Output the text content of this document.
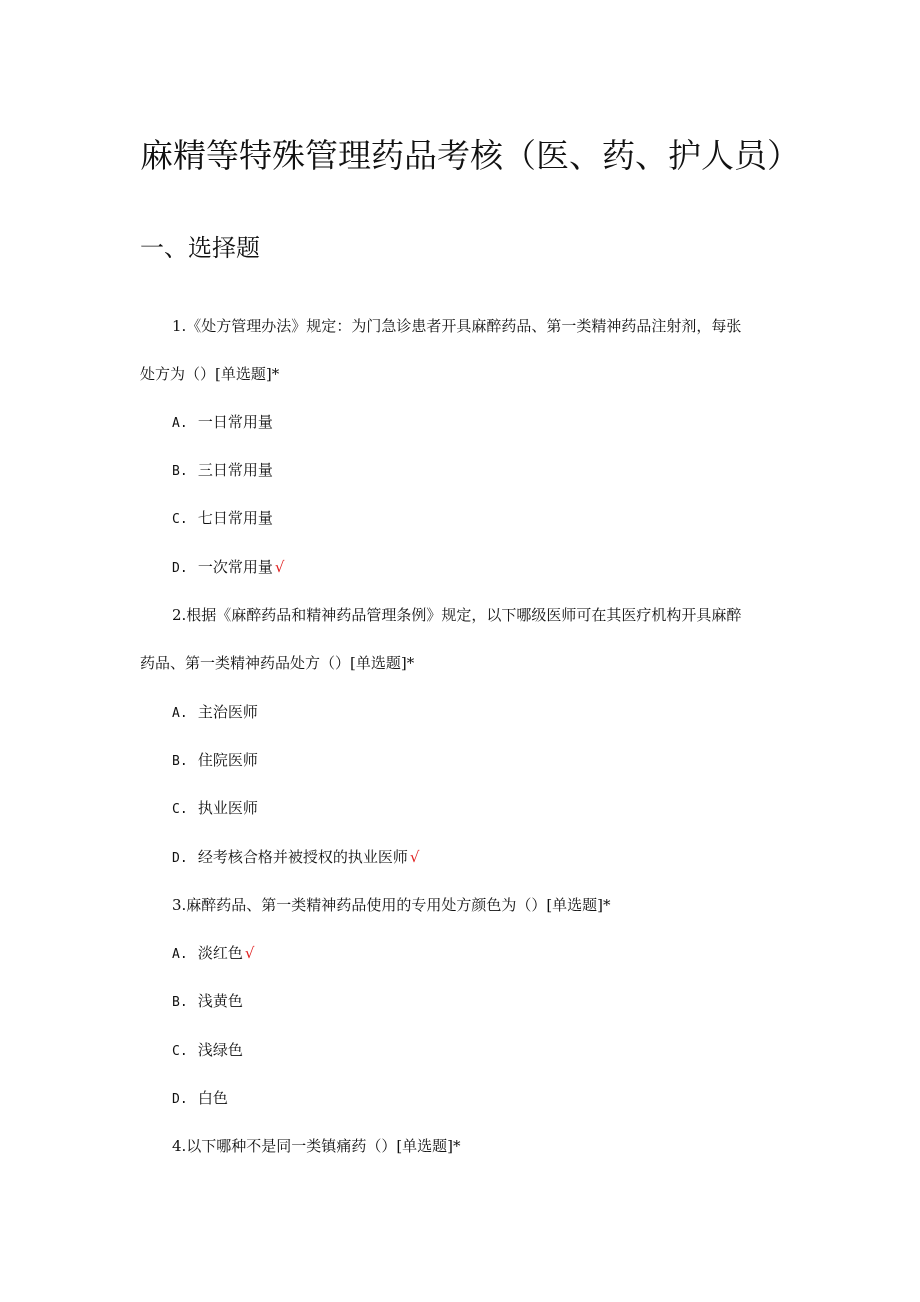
麻精等特殊管理药品考核（医、药、护人员）
一、选择题
1.《处方管理办法》规定：为门急诊患者开具麻醉药品、第一类精神药品注射剂，每张
处方为（）[单选题]*
A. 一日常用量
B. 三日常用量
C. 七日常用量
D. 一次常用量 √
2.根据《麻醉药品和精神药品管理条例》规定，以下哪级医师可在其医疗机构开具麻醉
药品、第一类精神药品处方（）[单选题]*
A. 主治医师
B. 住院医师
C. 执业医师
D. 经考核合格并被授权的执业医师 √
3.麻醉药品、第一类精神药品使用的专用处方颜色为（）[单选题]*
A. 淡红色 √
B. 浅黄色
C. 浅绿色
D. 白色
4.以下哪种不是同一类镇痛药（）[单选题]*
